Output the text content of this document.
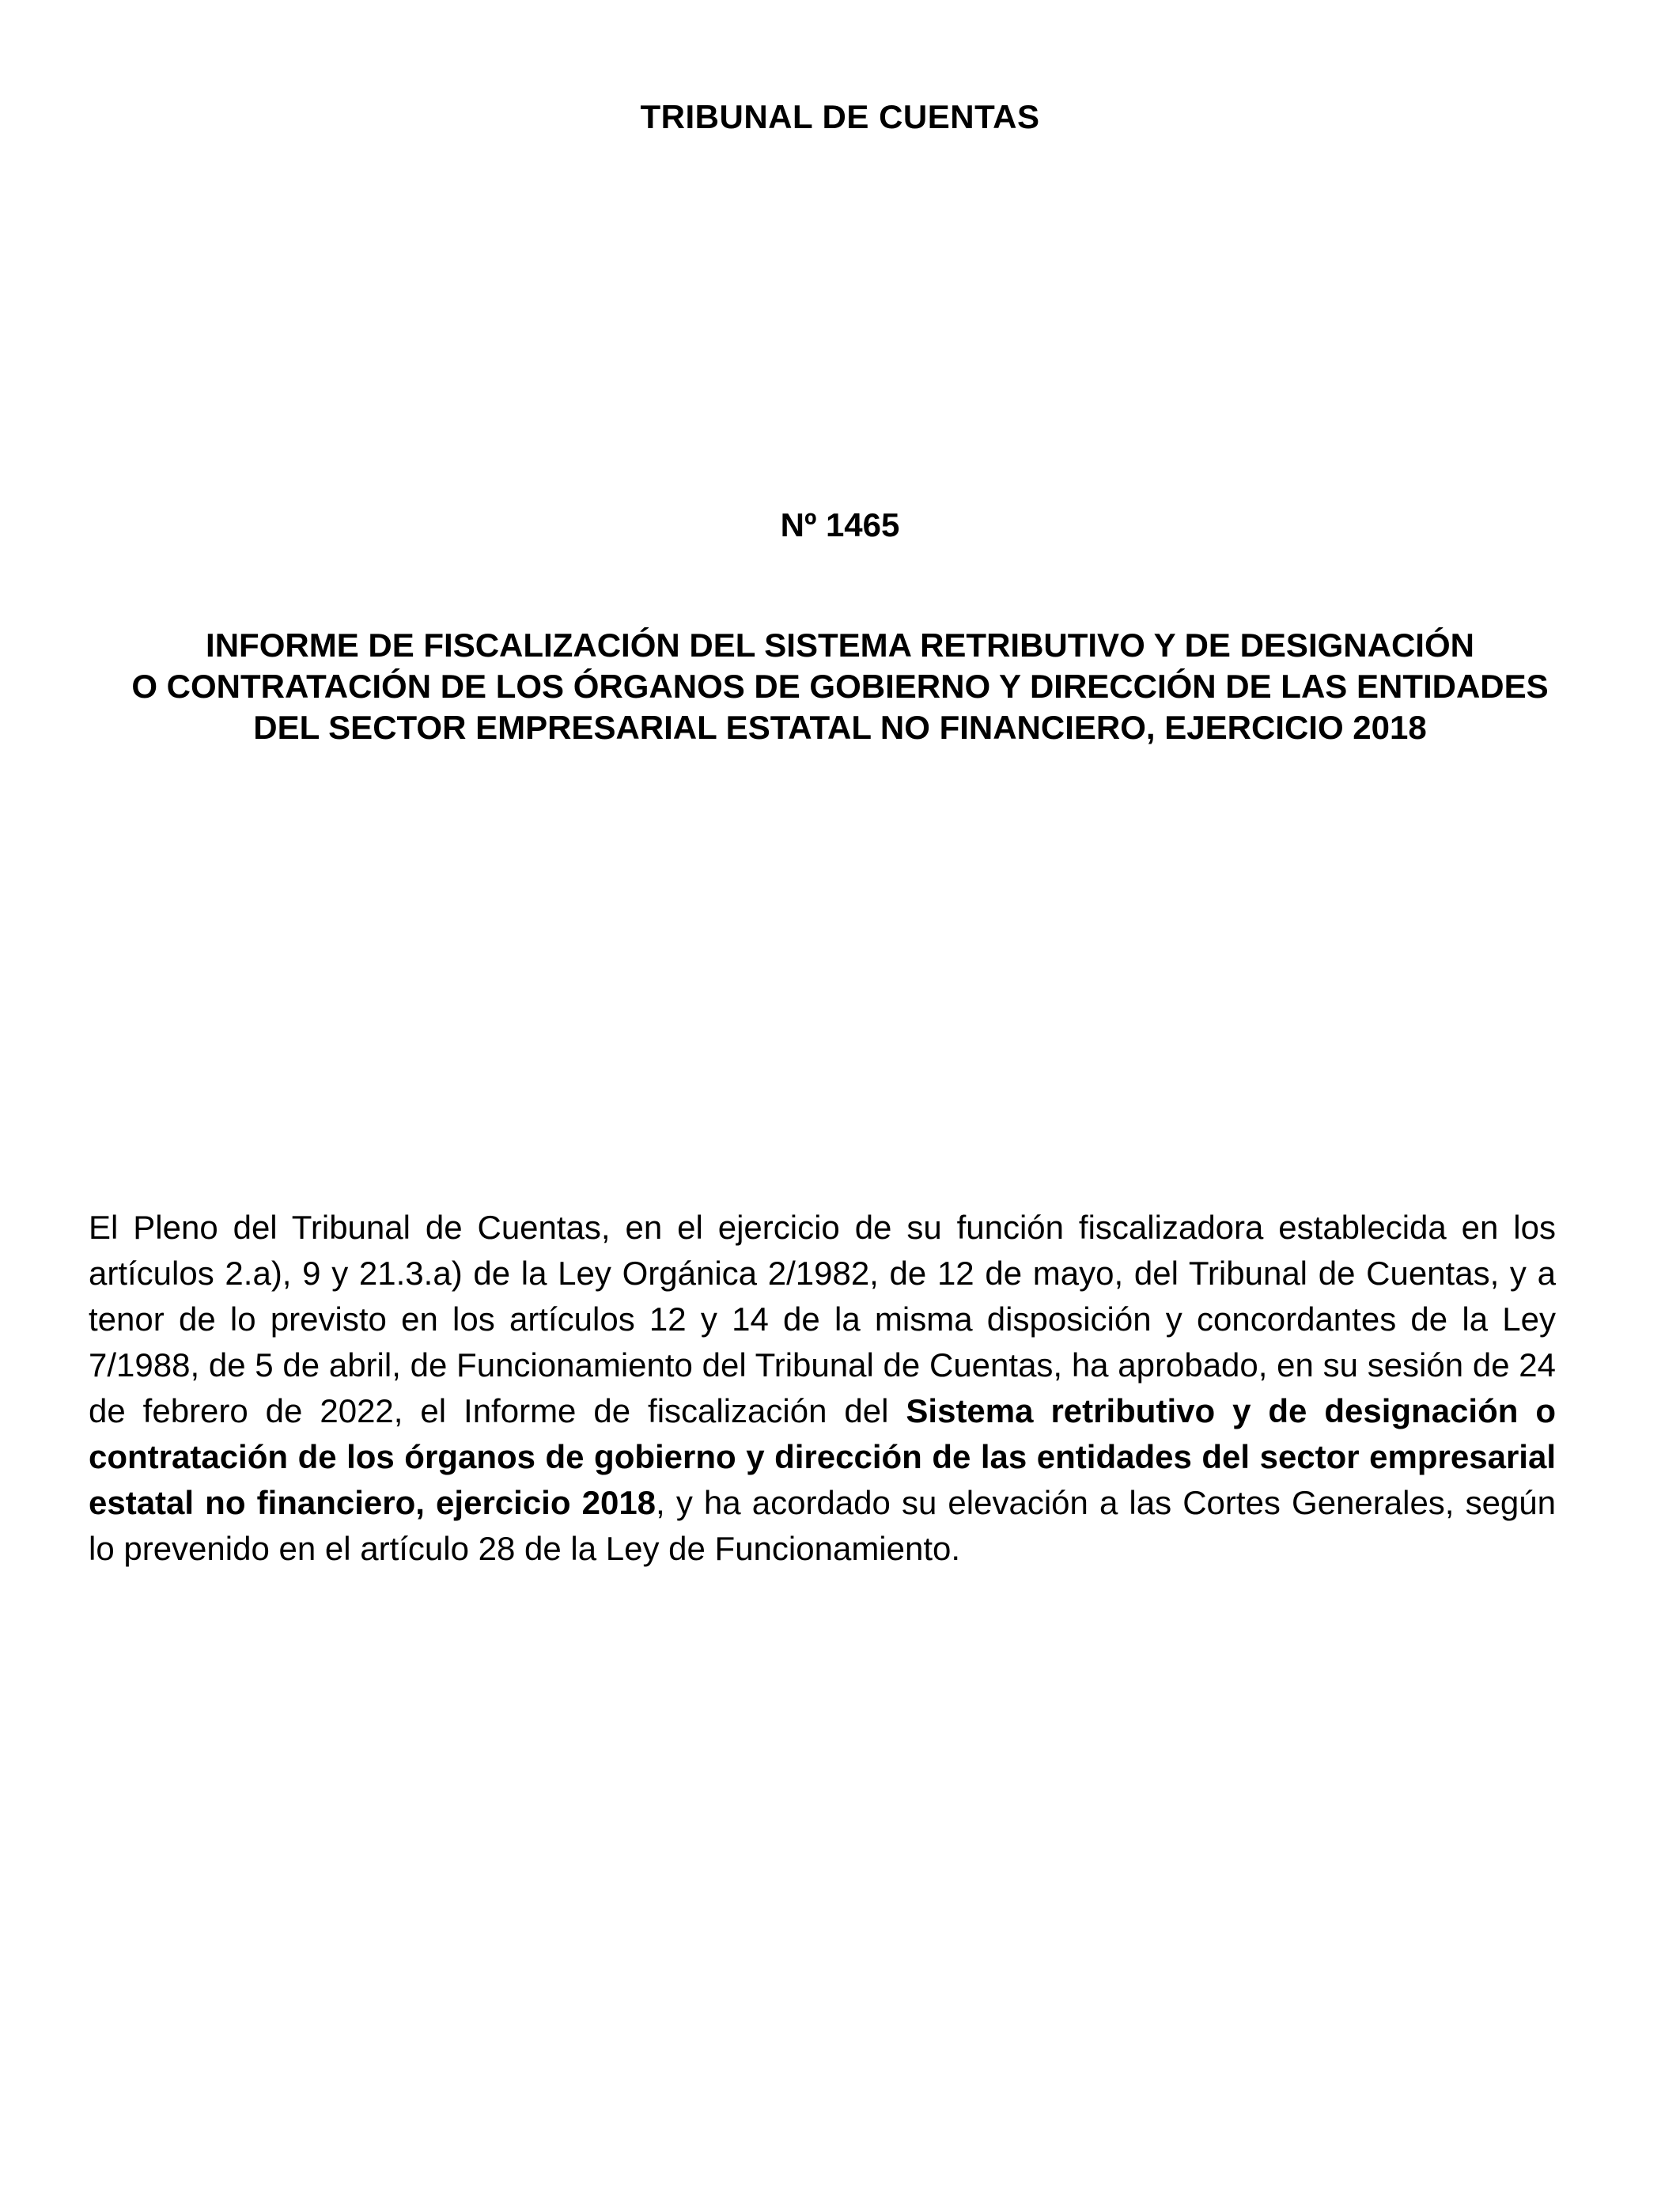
TRIBUNAL DE CUENTAS
Nº 1465
INFORME DE FISCALIZACIÓN DEL SISTEMA RETRIBUTIVO Y DE DESIGNACIÓN
O CONTRATACIÓN DE LOS ÓRGANOS DE GOBIERNO Y DIRECCIÓN DE LAS ENTIDADES
DEL SECTOR EMPRESARIAL ESTATAL NO FINANCIERO, EJERCICIO 2018

El Pleno del Tribunal de Cuentas, en el ejercicio de su función fiscalizadora establecida en los artículos 2.a), 9 y 21.3.a) de la Ley Orgánica 2/1982, de 12 de mayo, del Tribunal de Cuentas, y a tenor de lo previsto en los artículos 12 y 14 de la misma disposición y concordantes de la Ley 7/1988, de 5 de abril, de Funcionamiento del Tribunal de Cuentas, ha aprobado, en su sesión de 24 de febrero de 2022, el Informe de fiscalización del Sistema retributivo y de designación o contratación de los órganos de gobierno y dirección de las entidades del sector empresarial estatal no financiero, ejercicio 2018, y ha acordado su elevación a las Cortes Generales, según lo prevenido en el artículo 28 de la Ley de Funcionamiento.
